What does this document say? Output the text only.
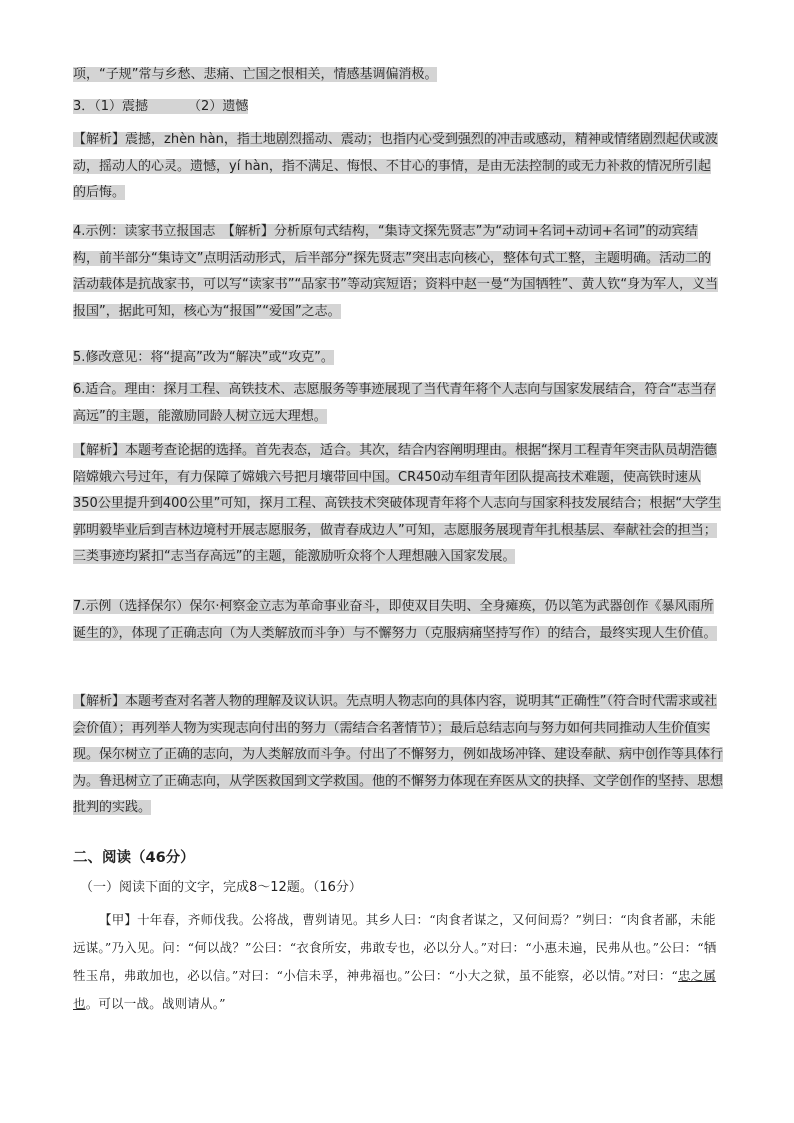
项，“子规”常与乡愁、悲痛、亡国之恨相关，情感基调偏消极。

3．（1）震撼	（2）遗憾

【解析】震撼，zhèn hàn，指土地剧烈摇动、震动；也指内心受到强烈的冲击或感动，精神或情绪剧烈起伏或波动，摇动人的心灵。遗憾，yí hàn，指不满足、悔恨、不甘心的事情，是由无法控制的或无力补救的情况所引起的后悔。

4.示例：读家书立报国志　【解析】分析原句式结构，“集诗文探先贤志”为“动词+名词+动词+名词”的动宾结构，前半部分“集诗文”点明活动形式，后半部分“探先贤志”突出志向核心，整体句式工整，主题明确。活动二的活动载体是抗战家书，可以写“读家书”“品家书”等动宾短语；资料中赵一曼“为国牺牲”、黄人钦“身为军人，义当报国”，据此可知，核心为“报国”“爱国”之志。

5.修改意见：将“提高”改为“解决”或“攻克”。

6.适合。理由：探月工程、高铁技术、志愿服务等事迹展现了当代青年将个人志向与国家发展结合，符合“志当存高远”的主题，能激励同龄人树立远大理想。

【解析】本题考查论据的选择。首先表态，适合。其次，结合内容阐明理由。根据“探月工程青年突击队员胡浩德陪嫦娥六号过年，有力保障了嫦娥六号把月壤带回中国。CR450动车组青年团队提高技术难题，使高铁时速从350公里提升到400公里”可知，探月工程、高铁技术突破体现青年将个人志向与国家科技发展结合；根据“大学生郭明毅毕业后到吉林边境村开展志愿服务，做青春成边人”可知，志愿服务展现青年扎根基层、奉献社会的担当；三类事迹均紧扣“志当存高远”的主题，能激励听众将个人理想融入国家发展。

7.示例（选择保尔）保尔·柯察金立志为革命事业奋斗，即使双目失明、全身瘫痪，仍以笔为武器创作《暴风雨所诞生的》，体现了正确志向（为人类解放而斗争）与不懈努力（克服病痛坚持写作）的结合，最终实现人生价值。

【解析】本题考查对名著人物的理解及议认识。先点明人物志向的具体内容，说明其“正确性”（符合时代需求或社会价值）；再列举人物为实现志向付出的努力（需结合名著情节）；最后总结志向与努力如何共同推动人生价值实现。保尔树立了正确的志向，为人类解放而斗争。付出了不懈努力，例如战场冲锋、建设奉献、病中创作等具体行为。鲁迅树立了正确志向，从学医救国到文学救国。他的不懈努力体现在弃医从文的抉择、文学创作的坚持、思想批判的实践。

二、阅读（46分）

（一）阅读下面的文字，完成8～12题。（16分）

【甲】十年春，齐师伐我。公将战，曹刿请见。其乡人曰：“肉食者谋之，又何间焉？”刿曰：“肉食者鄙，未能远谋。”乃入见。问：“何以战？”公曰：“衣食所安，弗敢专也，必以分人。”对曰：“小惠未遍，民弗从也。”公曰：“牺牲玉帛，弗敢加也，必以信。”对曰：“小信未孚，神弗福也。”公曰：“小大之狱，虽不能察，必以情。”对曰：“忠之属也。可以一战。战则请从。”
